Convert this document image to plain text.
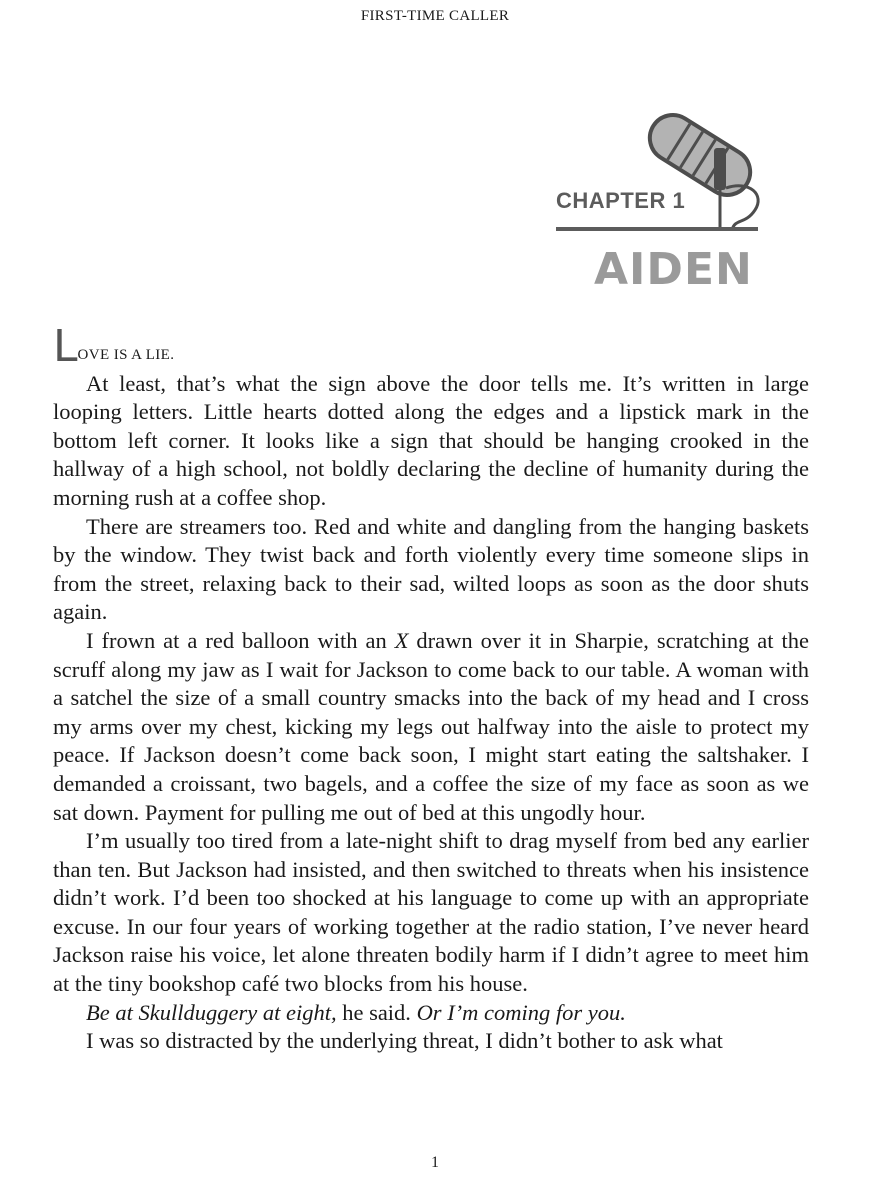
FIRST-TIME CALLER
CHAPTER 1
AIDEN

LOVE IS A LIE.

At least, that’s what the sign above the door tells me. It’s written in large looping letters. Little hearts dotted along the edges and a lipstick mark in the bottom left corner. It looks like a sign that should be hanging crooked in the hallway of a high school, not boldly declaring the decline of humanity during the morning rush at a coffee shop.

There are streamers too. Red and white and dangling from the hanging baskets by the window. They twist back and forth violently every time someone slips in from the street, relaxing back to their sad, wilted loops as soon as the door shuts again.

I frown at a red balloon with an X drawn over it in Sharpie, scratching at the scruff along my jaw as I wait for Jackson to come back to our table. A woman with a satchel the size of a small country smacks into the back of my head and I cross my arms over my chest, kicking my legs out halfway into the aisle to protect my peace. If Jackson doesn’t come back soon, I might start eating the saltshaker. I demanded a croissant, two bagels, and a coffee the size of my face as soon as we sat down. Payment for pulling me out of bed at this ungodly hour.

I’m usually too tired from a late-night shift to drag myself from bed any earlier than ten. But Jackson had insisted, and then switched to threats when his insistence didn’t work. I’d been too shocked at his language to come up with an appropriate excuse. In our four years of working together at the radio station, I’ve never heard Jackson raise his voice, let alone threaten bodily harm if I didn’t agree to meet him at the tiny bookshop café two blocks from his house.

Be at Skullduggery at eight, he said. Or I’m coming for you.

I was so distracted by the underlying threat, I didn’t bother to ask what

1
